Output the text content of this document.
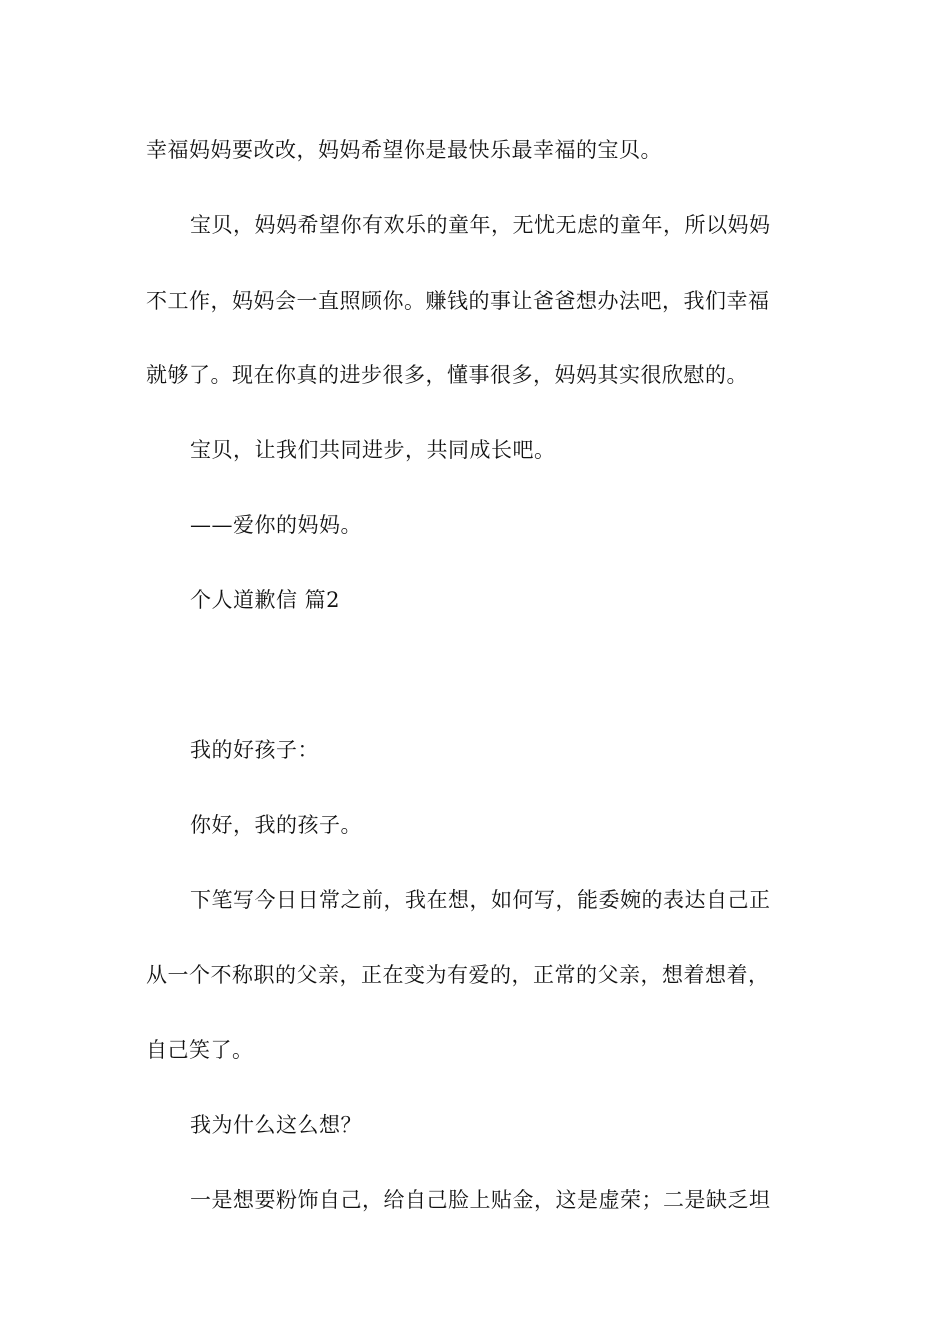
幸福妈妈要改改，妈妈希望你是最快乐最幸福的宝贝。
宝贝，妈妈希望你有欢乐的童年，无忧无虑的童年，所以妈妈
不工作，妈妈会一直照顾你。赚钱的事让爸爸想办法吧，我们幸福
就够了。现在你真的进步很多，懂事很多，妈妈其实很欣慰的。
宝贝，让我们共同进步，共同成长吧。
——爱你的妈妈。
个人道歉信 篇2
我的好孩子：
你好，我的孩子。
下笔写今日日常之前，我在想，如何写，能委婉的表达自己正
从一个不称职的父亲，正在变为有爱的，正常的父亲，想着想着，
自己笑了。
我为什么这么想？
一是想要粉饰自己，给自己脸上贴金，这是虚荣；二是缺乏坦
